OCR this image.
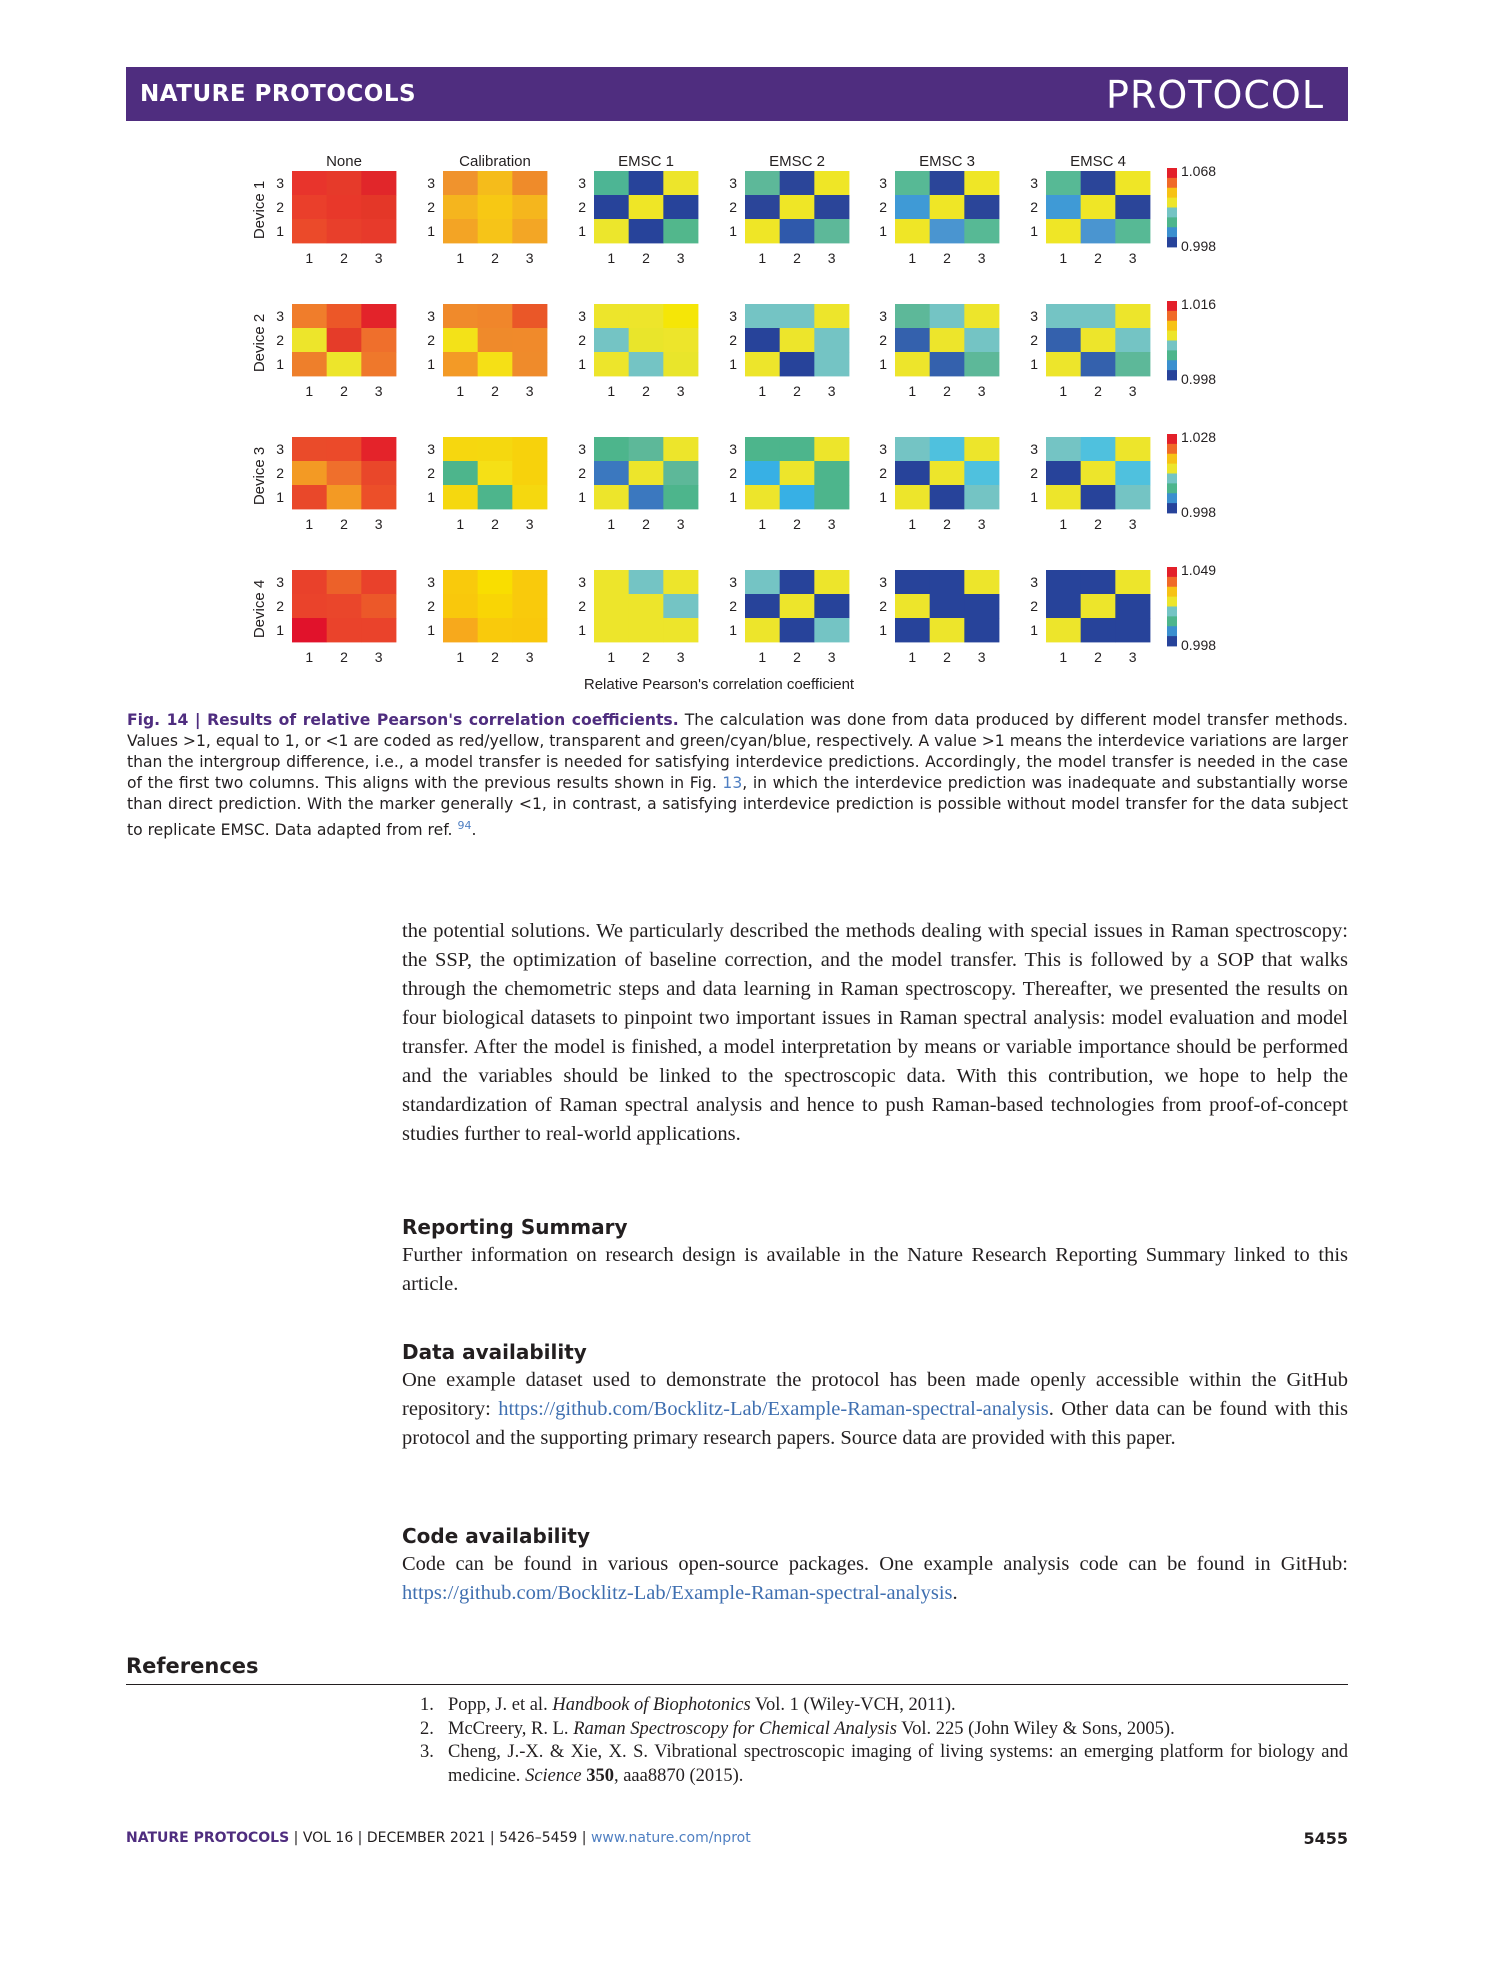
NATURE PROTOCOLS	PROTOCOL
None	Calibration	EMSC 1	EMSC 2	EMSC 3	EMSC 4
Device 1 3
2
1
1 2 3
3
2
1
1 2 3
3
2
1
1 2 3
3
2
1
1 2 3
3
2
1
1 2 3
3
2
1
1 2 3
1.068
0.998
Device 2 3
2
1
1 2 3
3
2
1
1 2 3
3
2
1
1 2 3
3
2
1
1 2 3
3
2
1
1 2 3
3
2
1
1 2 3
1.016
0.998
Device 3 3
2
1
1 2 3
3
2
1
1 2 3
3
2
1
1 2 3
3
2
1
1 2 3
3
2
1
1 2 3
3
2
1
1 2 3
1.028
0.998
Device 4 3
2
1
1 2 3
3
2
1
1 2 3
3
2
1
1 2 3
3
2
1
1 2 3
3
2
1
1 2 3
3
2
1
1 2 3
1.049
0.998
Relative Pearson's correlation coefficient
Fig. 14 | Results of relative Pearson's correlation coefficients. The calculation was done from data produced by different model transfer methods. Values >1, equal to 1, or <1 are coded as red/yellow, transparent and green/cyan/blue, respectively. A value >1 means the interdevice variations are larger than the intergroup difference, i.e., a model transfer is needed for satisfying interdevice predictions. Accordingly, the model transfer is needed in the case of the first two columns. This aligns with the previous results shown in Fig. 13, in which the interdevice prediction was inadequate and substantially worse than direct prediction. With the marker generally <1, in contrast, a satisfying interdevice prediction is possible without model transfer for the data subject to replicate EMSC. Data adapted from ref. $^{94}$.
the potential solutions. We particularly described the methods dealing with special issues in Raman spectroscopy: the SSP, the optimization of baseline correction, and the model transfer. This is followed by a SOP that walks through the chemometric steps and data learning in Raman spectroscopy. Thereafter, we presented the results on four biological datasets to pinpoint two important issues in Raman spectral analysis: model evaluation and model transfer. After the model is finished, a model interpretation by means or variable importance should be performed and the variables should be linked to the spectroscopic data. With this contribution, we hope to help the standardization of Raman spectral analysis and hence to push Raman-based technologies from proof-of-concept studies further to real-world applications.
Reporting Summary
Further information on research design is available in the Nature Research Reporting Summary linked to this article.
Data availability
One example dataset used to demonstrate the protocol has been made openly accessible within the GitHub repository: https://github.com/Bocklitz-Lab/Example-Raman-spectral-analysis. Other data can be found with this protocol and the supporting primary research papers. Source data are provided with this paper.
Code availability
Code can be found in various open-source packages. One example analysis code can be found in GitHub: https://github.com/Bocklitz-Lab/Example-Raman-spectral-analysis.
References
1. Popp, J. et al. Handbook of Biophotonics Vol. 1 (Wiley-VCH, 2011).
2. McCreery, R. L. Raman Spectroscopy for Chemical Analysis Vol. 225 (John Wiley & Sons, 2005).
3. Cheng, J.-X. & Xie, X. S. Vibrational spectroscopic imaging of living systems: an emerging platform for biology and medicine. Science 350, aaa8870 (2015).
NATURE PROTOCOLS | VOL 16 | DECEMBER 2021 | 5426–5459 | www.nature.com/nprot	5455
